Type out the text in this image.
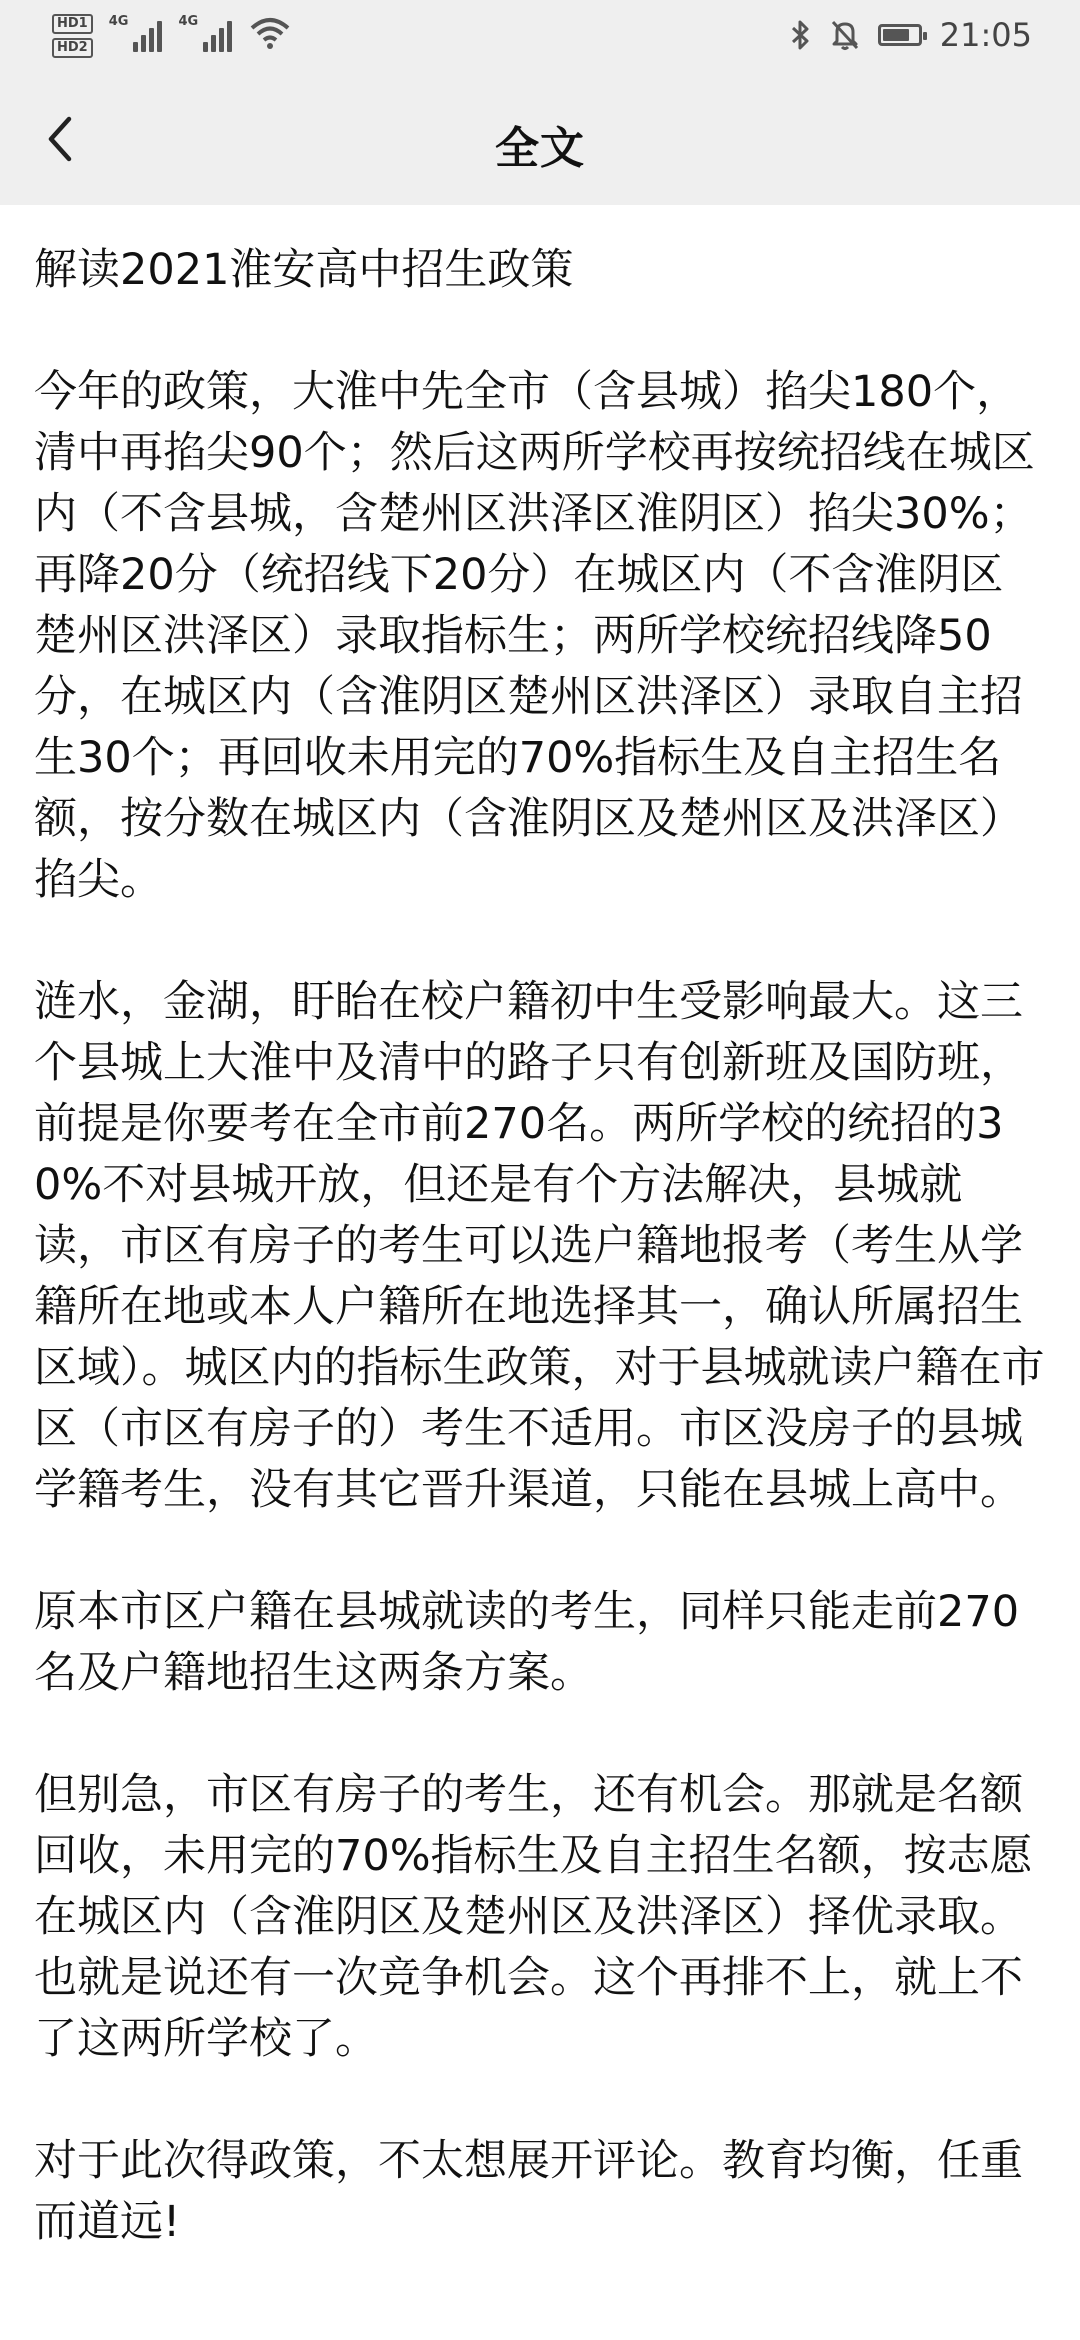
HD1
HD2
4G	4G	21:05
全文

解读2021淮安高中招生政策

今年的政策，大淮中先全市（含县城）掐尖180个，清中再掐尖90个；然后这两所学校再按统招线在城区内（不含县城，含楚州区洪泽区淮阴区）掐尖30%；再降20分（统招线下20分）在城区内（不含淮阴区楚州区洪泽区）录取指标生；两所学校统招线降50分，在城区内（含淮阴区楚州区洪泽区）录取自主招生30个；再回收未用完的70%指标生及自主招生名额，按分数在城区内（含淮阴区及楚州区及洪泽区）掐尖。

涟水，金湖，盱眙在校户籍初中生受影响最大。这三个县城上大淮中及清中的路子只有创新班及国防班，前提是你要考在全市前270名。两所学校的统招的30%不对县城开放，但还是有个方法解决，县城就读，市区有房子的考生可以选户籍地报考（考生从学籍所在地或本人户籍所在地选择其一，确认所属招生区域）。城区内的指标生政策，对于县城就读户籍在市区（市区有房子的）考生不适用。市区没房子的县城学籍考生，没有其它晋升渠道，只能在县城上高中。

原本市区户籍在县城就读的考生，同样只能走前270名及户籍地招生这两条方案。

但别急，市区有房子的考生，还有机会。那就是名额回收，未用完的70%指标生及自主招生名额，按志愿在城区内（含淮阴区及楚州区及洪泽区）择优录取。也就是说还有一次竞争机会。这个再排不上，就上不了这两所学校了。

对于此次得政策，不太想展开评论。教育均衡，任重而道远!
